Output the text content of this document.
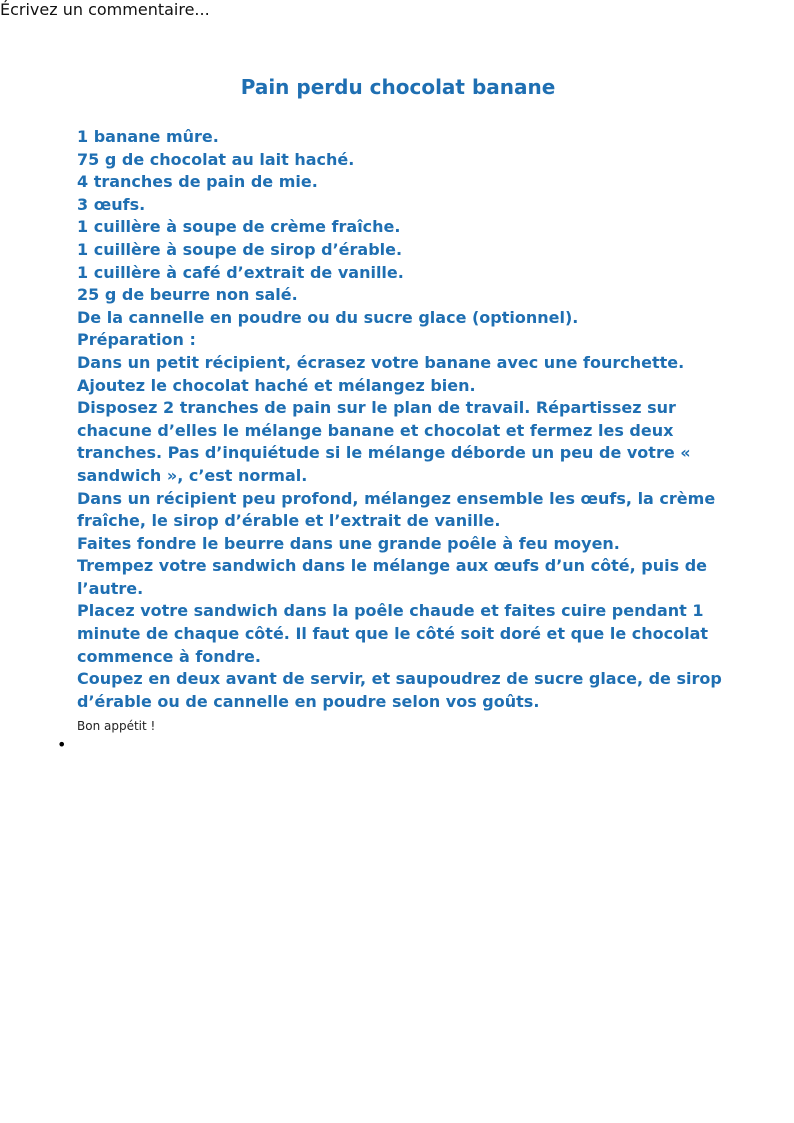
Écrivez un commentaire...
Pain perdu chocolat banane

1 banane mûre.

75 g de chocolat au lait haché.

4 tranches de pain de mie.

3 œufs.

1 cuillère à soupe de crème fraîche.

1 cuillère à soupe de sirop d’érable.

1 cuillère à café d’extrait de vanille.

25 g de beurre non salé.

De la cannelle en poudre ou du sucre glace (optionnel).

Préparation :

Dans un petit récipient, écrasez votre banane avec une fourchette. Ajoutez le chocolat haché et mélangez bien.

Disposez 2 tranches de pain sur le plan de travail. Répartissez sur chacune d’elles le mélange banane et chocolat et fermez les deux tranches. Pas d’inquiétude si le mélange déborde un peu de votre « sandwich », c’est normal.

Dans un récipient peu profond, mélangez ensemble les œufs, la crème fraîche, le sirop d’érable et l’extrait de vanille.

Faites fondre le beurre dans une grande poêle à feu moyen.

Trempez votre sandwich dans le mélange aux œufs d’un côté, puis de l’autre.

Placez votre sandwich dans la poêle chaude et faites cuire pendant 1 minute de chaque côté. Il faut que le côté soit doré et que le chocolat commence à fondre.

Coupez en deux avant de servir, et saupoudrez de sucre glace, de sirop d’érable ou de cannelle en poudre selon vos goûts.

Bon appétit !
•
